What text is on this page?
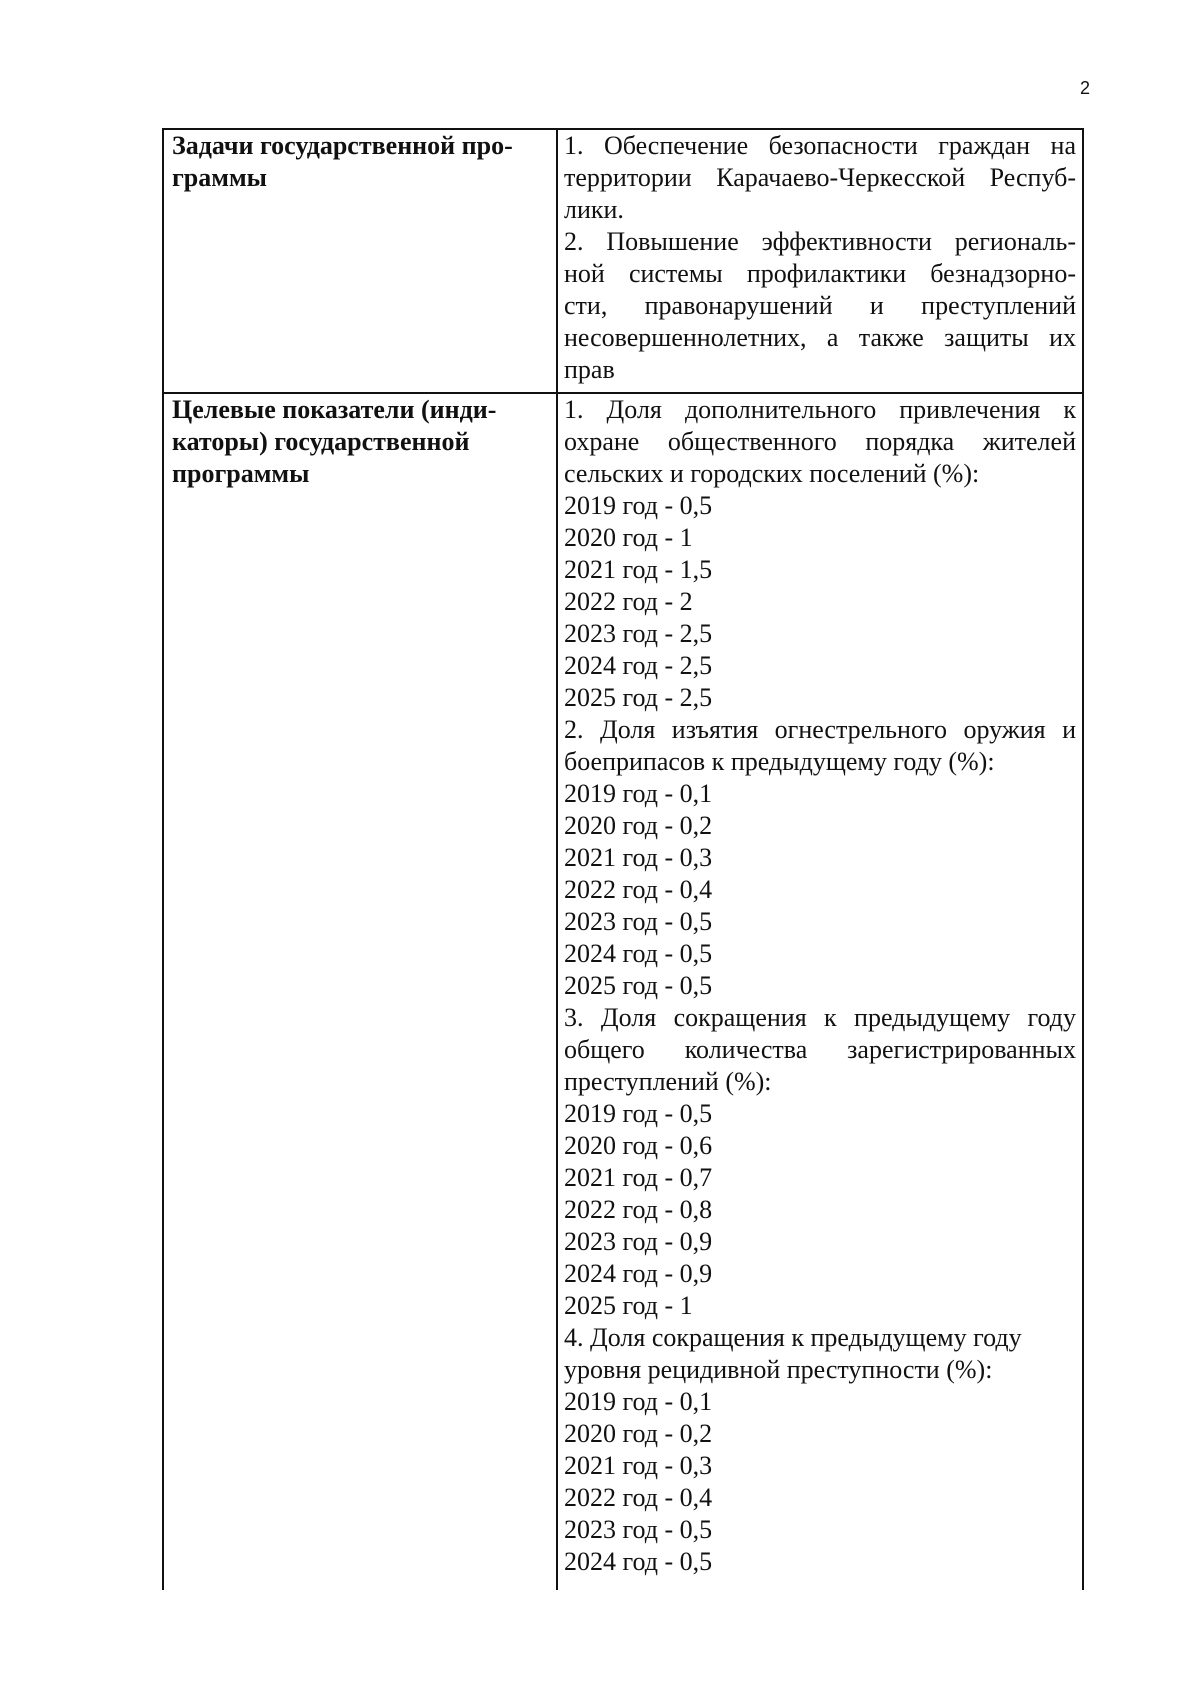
2
Задачи государственной про-
граммы
1. Обеспечение безопасности граждан на
территории Карачаево-Черкесской Респуб-
лики.
2. Повышение эффективности региональ-
ной системы профилактики безнадзорно-
сти, правонарушений и преступлений
несовершеннолетних, а также защиты их
прав
Целевые показатели (инди-
каторы) государственной
программы
1. Доля дополнительного привлечения к
охране общественного порядка жителей
сельских и городских поселений (%):
2019 год - 0,5
2020 год - 1
2021 год - 1,5
2022 год - 2
2023 год - 2,5
2024 год - 2,5
2025 год - 2,5
2. Доля изъятия огнестрельного оружия и
боеприпасов к предыдущему году (%):
2019 год - 0,1
2020 год - 0,2
2021 год - 0,3
2022 год - 0,4
2023 год - 0,5
2024 год - 0,5
2025 год - 0,5
3. Доля сокращения к предыдущему году
общего количества зарегистрированных
преступлений (%):
2019 год - 0,5
2020 год - 0,6
2021 год - 0,7
2022 год - 0,8
2023 год - 0,9
2024 год - 0,9
2025 год - 1
4. Доля сокращения к предыдущему году
уровня рецидивной преступности (%):
2019 год - 0,1
2020 год - 0,2
2021 год - 0,3
2022 год - 0,4
2023 год - 0,5
2024 год - 0,5
